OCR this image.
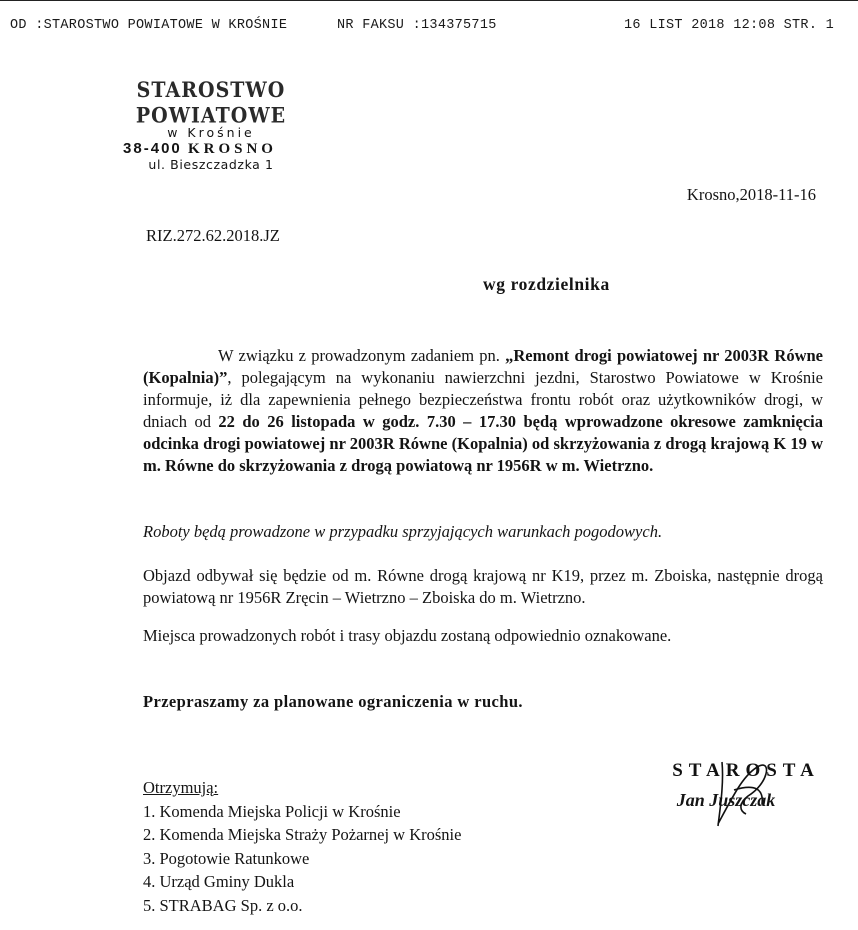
OD :STAROSTWO POWIATOWE W KROŚNIE	NR FAKSU :134375715	16 LIST 2018 12:08 STR. 1
STAROSTWO POWIATOWE
w Krośnie
38-400 KROSNO
ul. Bieszczadzka 1
Krosno,2018-11-16
RIZ.272.62.2018.JZ
wg rozdzielnika
W związku z prowadzonym zadaniem pn. „Remont drogi powiatowej nr 2003R Równe (Kopalnia)”, polegającym na wykonaniu nawierzchni jezdni, Starostwo Powiatowe w Krośnie informuje, iż dla zapewnienia pełnego bezpieczeństwa frontu robót oraz użytkowników drogi, w dniach od 22 do 26 listopada w godz. 7.30 – 17.30 będą wprowadzone okresowe zamknięcia odcinka drogi powiatowej nr 2003R Równe (Kopalnia) od skrzyżowania z drogą krajową K 19 w m. Równe do skrzyżowania z drogą powiatową nr 1956R w m. Wietrzno.
Roboty będą prowadzone w przypadku sprzyjających warunkach pogodowych.
Objazd odbywał się będzie od m. Równe drogą krajową nr K19, przez m. Zboiska, następnie drogą powiatową nr 1956R Zręcin – Wietrzno – Zboiska do m. Wietrzno.
Miejsca prowadzonych robót i trasy objazdu zostaną odpowiednio oznakowane.
Przepraszamy za planowane ograniczenia w ruchu.
Otrzymują:
1. Komenda Miejska Policji w Krośnie
2. Komenda Miejska Straży Pożarnej w Krośnie
3. Pogotowie Ratunkowe
4. Urząd Gminy Dukla
5. STRABAG Sp. z o.o.
STAROSTA
Jan Juszczak
